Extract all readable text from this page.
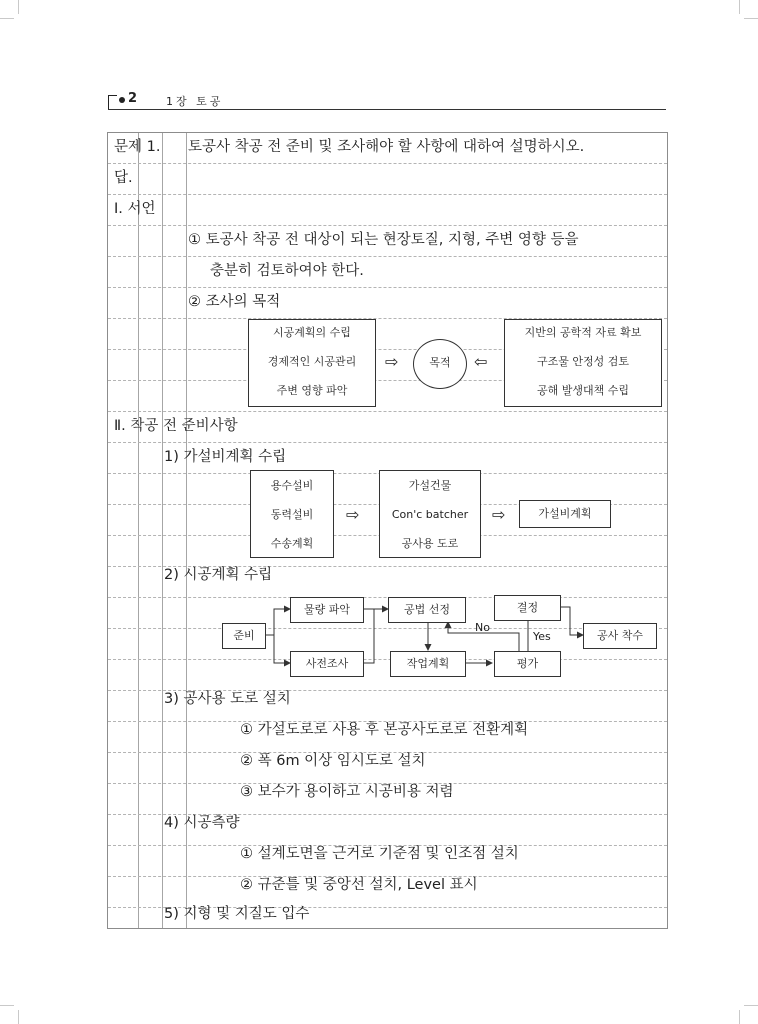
2	1장 토공
문제 1. 토공사 착공 전 준비 및 조사해야 할 사항에 대하여 설명하시오.
답.
Ⅰ. 서언
① 토공사 착공 전 대상이 되는 현장토질, 지형, 주변 영향 등을
충분히 검토하여야 한다.
② 조사의 목적
시공계획의 수립
경제적인 시공관리
주변 영향 파악
⇨	목적	⇦
지반의 공학적 자료 확보
구조물 안정성 검토
공해 발생대책 수립
Ⅱ. 착공 전 준비사항
1) 가설비계획 수립
용수설비
동력설비
수송계획
⇨
가설건물
Con'c batcher
공사용 도로
⇨	가설비계획
2) 시공계획 수립
준비
물량 파악
사전조사
공법 선정
작업계획
결정
평가
공사 착수
No
Yes
3) 공사용 도로 설치
① 가설도로로 사용 후 본공사도로로 전환계획
② 폭 6m 이상 임시도로 설치
③ 보수가 용이하고 시공비용 저렴
4) 시공측량
① 설계도면을 근거로 기준점 및 인조점 설치
② 규준틀 및 중앙선 설치, Level 표시
5) 지형 및 지질도 입수
